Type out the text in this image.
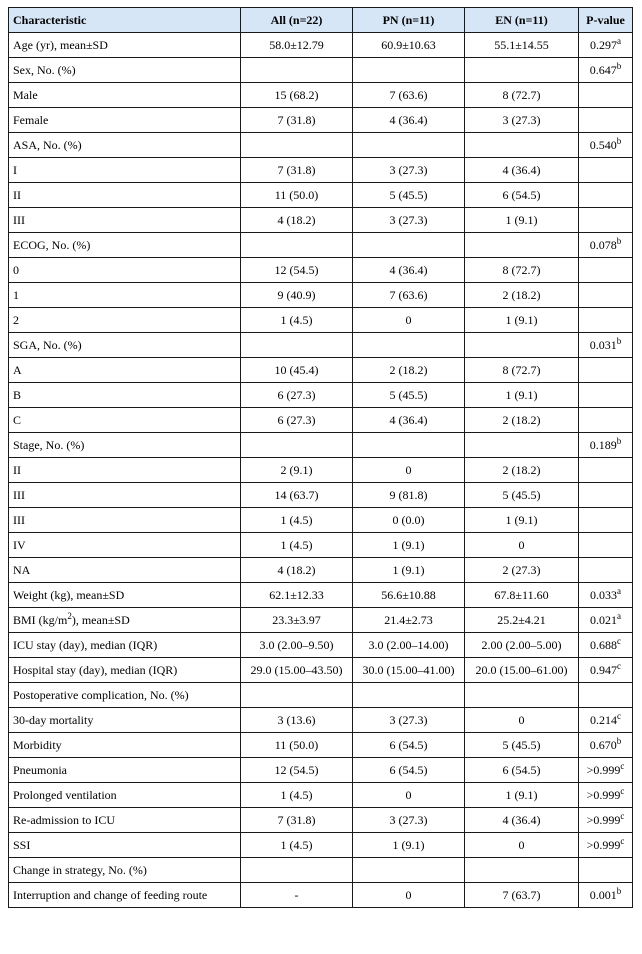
Characteristic	All (n=22)	PN (n=11)	EN (n=11)	P-value
Age (yr), mean±SD	58.0±12.79	60.9±10.63	55.1±14.55	0.297$^a$
Sex, No. (%)				0.647$^b$
Male	15 (68.2)	7 (63.6)	8 (72.7)	
Female	7 (31.8)	4 (36.4)	3 (27.3)	
ASA, No. (%)				0.540$^b$
I	7 (31.8)	3 (27.3)	4 (36.4)	
II	11 (50.0)	5 (45.5)	6 (54.5)	
III	4 (18.2)	3 (27.3)	1 (9.1)	
ECOG, No. (%)				0.078$^b$
0	12 (54.5)	4 (36.4)	8 (72.7)	
1	9 (40.9)	7 (63.6)	2 (18.2)	
2	1 (4.5)	0	1 (9.1)	
SGA, No. (%)				0.031$^b$
A	10 (45.4)	2 (18.2)	8 (72.7)	
B	6 (27.3)	5 (45.5)	1 (9.1)	
C	6 (27.3)	4 (36.4)	2 (18.2)	
Stage, No. (%)				0.189$^b$
II	2 (9.1)	0	2 (18.2)	
III	14 (63.7)	9 (81.8)	5 (45.5)	
III	1 (4.5)	0 (0.0)	1 (9.1)	
IV	1 (4.5)	1 (9.1)	0	
NA	4 (18.2)	1 (9.1)	2 (27.3)	
Weight (kg), mean±SD	62.1±12.33	56.6±10.88	67.8±11.60	0.033$^a$
BMI $(kg/m^2)$, mean±SD	23.3±3.97	21.4±2.73	25.2±4.21	0.021$^a$
ICU stay (day), median (IQR)	3.0 (2.00–9.50)	3.0 (2.00–14.00)	2.00 (2.00–5.00)	0.688$^c$
Hospital stay (day), median (IQR)	29.0 (15.00–43.50)	30.0 (15.00–41.00)	20.0 (15.00–61.00)	0.947$^c$
Postoperative complication, No. (%)				
30-day mortality	3 (13.6)	3 (27.3)	0	0.214$^c$
Morbidity	11 (50.0)	6 (54.5)	5 (45.5)	0.670$^b$
Pneumonia	12 (54.5)	6 (54.5)	6 (54.5)	>0.999$^c$
Prolonged ventilation	1 (4.5)	0	1 (9.1)	>0.999$^c$
Re-admission to ICU	7 (31.8)	3 (27.3)	4 (36.4)	>0.999$^c$
SSI	1 (4.5)	1 (9.1)	0	>0.999$^c$
Change in strategy, No. (%)				
Interruption and change of feeding route	-	0	7 (63.7)	0.001$^b$
